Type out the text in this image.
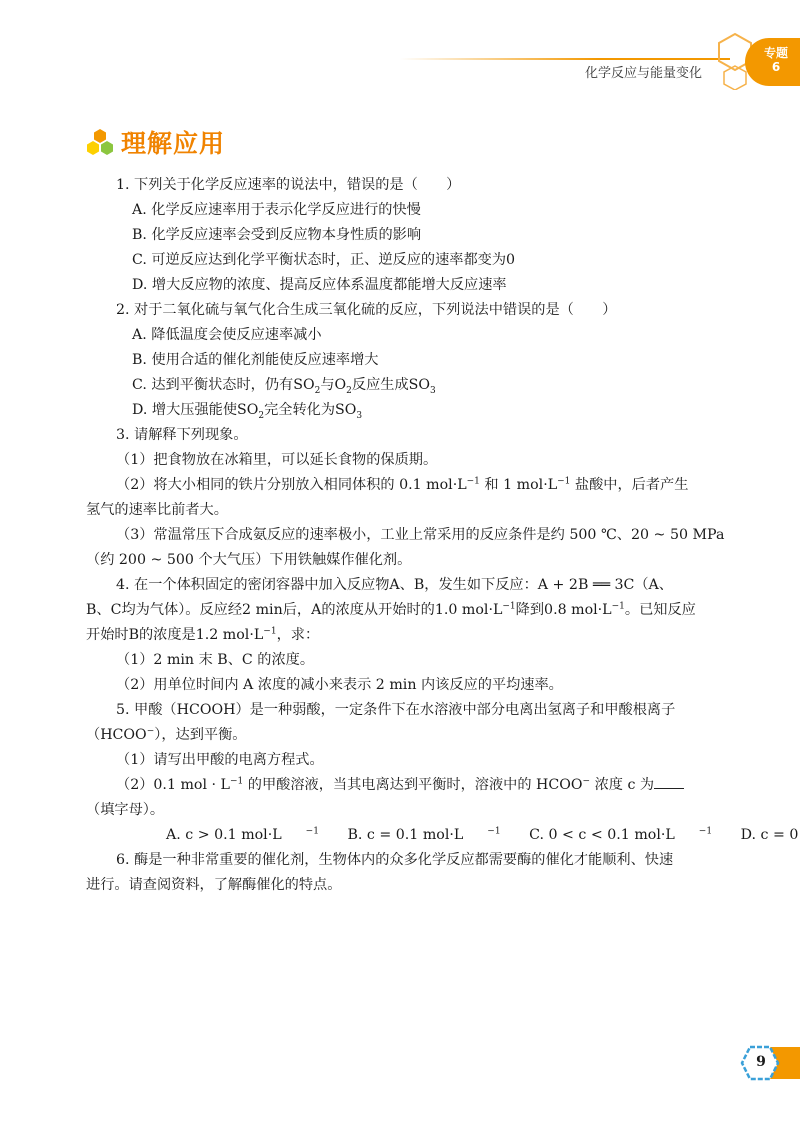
化学反应与能量变化
专题
6
理解应用
1. 下列关于化学反应速率的说法中，错误的是（　　）
A. 化学反应速率用于表示化学反应进行的快慢
B. 化学反应速率会受到反应物本身性质的影响
C. 可逆反应达到化学平衡状态时，正、逆反应的速率都变为0
D. 增大反应物的浓度、提高反应体系温度都能增大反应速率
2. 对于二氧化硫与氧气化合生成三氧化硫的反应，下列说法中错误的是（　　）
A. 降低温度会使反应速率减小
B. 使用合适的催化剂能使反应速率增大
C. 达到平衡状态时，仍有$SO_2$与$O_2$反应生成$SO_3$
D. 增大压强能使$SO_2$完全转化为$SO_3$
3. 请解释下列现象。
（1）把食物放在冰箱里，可以延长食物的保质期。
（2）将大小相同的铁片分别放入相同体积的 0.1 $mol\cdot L^{-1}$ 和 1 $mol\cdot L^{-1}$ 盐酸中，后者产生
氢气的速率比前者大。
（3）常温常压下合成氨反应的速率极小，工业上常采用的反应条件是约 500 ℃、20 ~ 50 MPa
（约 200 ~ 500 个大气压）下用铁触媒作催化剂。
4. 在一个体积固定的密闭容器中加入反应物A、B，发生如下反应：A + 2B ══ 3C（A、
B、C均为气体）。反应经2 min后，A的浓度从开始时的1.0 $mol\cdot L^{-1}$降到0.8 $mol\cdot L^{-1}$。已知反应
开始时B的浓度是1.2 $mol\cdot L^{-1}$，求：
（1）2 min 末 B、C 的浓度。
（2）用单位时间内 A 浓度的减小来表示 2 min 内该反应的平均速率。
5. 甲酸（HCOOH）是一种弱酸，一定条件下在水溶液中部分电离出氢离子和甲酸根离子
（HCOO−），达到平衡。
（1）请写出甲酸的电离方程式。
（2）0.1 mol · $L^{-1}$ 的甲酸溶液，当其电离达到平衡时，溶液中的 HCOO− 浓度 c 为
（填字母）。
A. c > 0.1 mol·L	$^{-1}$ B. c = 0.1 mol·L	$^{-1}$ C. 0 < c < 0.1 mol·L	$^{-1}$ D. c = 0
6. 酶是一种非常重要的催化剂，生物体内的众多化学反应都需要酶的催化才能顺利、快速
进行。请查阅资料，了解酶催化的特点。
9
